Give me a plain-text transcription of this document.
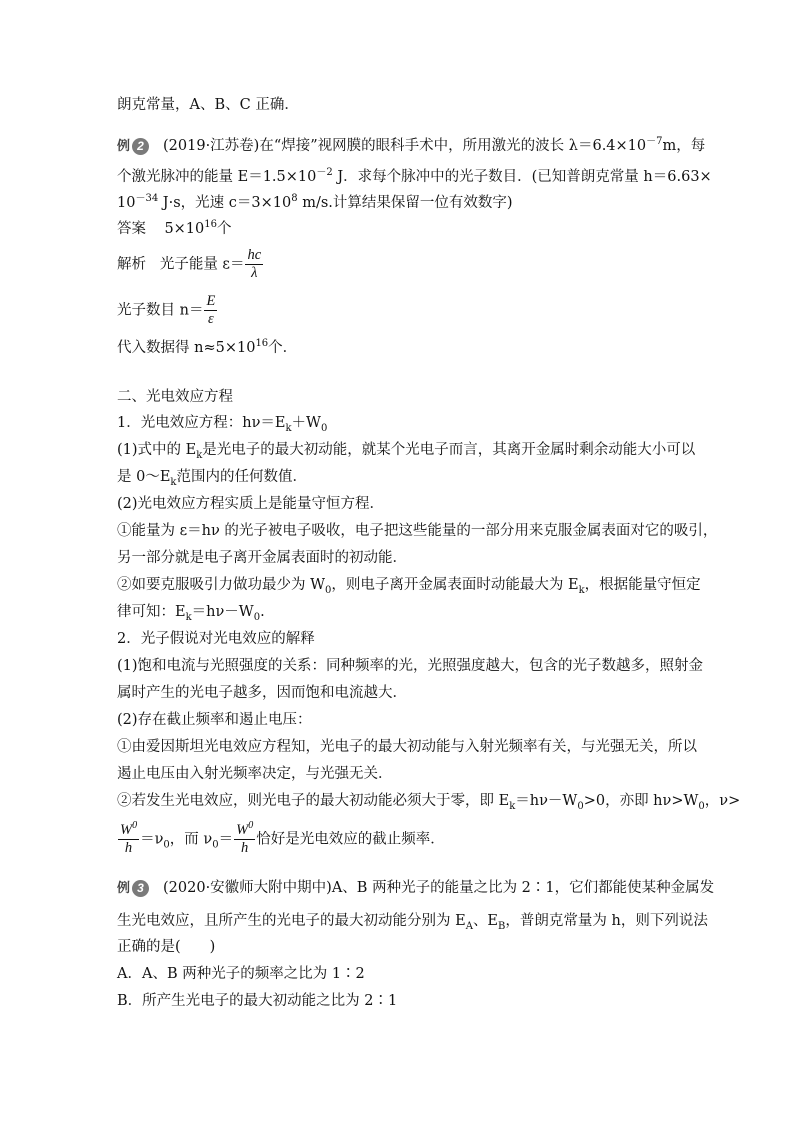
朗克常量，A、B、C 正确．
例 2 (2019·江苏卷)在“焊接”视网膜的眼科手术中，所用激光的波长 $\lambda=6.4\times 10^{-7}m$，每
个激光脉冲的能量 $E=1.5\times 10^{-2}$ J．求每个脉冲中的光子数目．(已知普朗克常量 h＝6.63×
$10^{-34}$ J·s，光速 $c=3\times 10^8$ m/s.计算结果保留一位有效数字)
答案 $5\times 10^{16}$个
解析 光子能量 $\varepsilon= \frac{hc}{\lambda}$
光子数目 $n= \frac{E}{\varepsilon}$
代入数据得 $n\approx 5\times 10^{16}$个．
二、光电效应方程
1．光电效应方程：$h\nu=E_k+W_0$
(1)式中的 $E_k$是光电子的最大初动能，就某个光电子而言，其离开金属时剩余动能大小可以
是 $0\sim E_k$范围内的任何数值．
(2)光电效应方程实质上是能量守恒方程．
①能量为 ε＝hν 的光子被电子吸收，电子把这些能量的一部分用来克服金属表面对它的吸引，
另一部分就是电子离开金属表面时的初动能．
②如要克服吸引力做功最少为 $W_0$，则电子离开金属表面时动能最大为 $E_k$，根据能量守恒定
律可知：$E_k=h\nu-W_0$.
2．光子假说对光电效应的解释
(1)饱和电流与光照强度的关系：同种频率的光，光照强度越大，包含的光子数越多，照射金
属时产生的光电子越多，因而饱和电流越大．
(2)存在截止频率和遏止电压：
①由爱因斯坦光电效应方程知，光电子的最大初动能与入射光频率有关，与光强无关，所以
遏止电压由入射光频率决定，与光强无关．
②若发生光电效应，则光电子的最大初动能必须大于零，即 $E_k=h\nu-W_0>0$，亦即 $h\nu>W_0$，ν>
$\frac{W^0}{h} =\nu_0$，而 $\nu_0= \frac{W^0}{h}$ 恰好是光电效应的截止频率．
例 3 (2020·安徽师大附中期中)A、B 两种光子的能量之比为 2∶1，它们都能使某种金属发
生光电效应，且所产生的光电子的最大初动能分别为 $E_A$、$E_B$，普朗克常量为 h，则下列说法
正确的是(　　)
A．A、B 两种光子的频率之比为 1∶2
B．所产生光电子的最大初动能之比为 2∶1
